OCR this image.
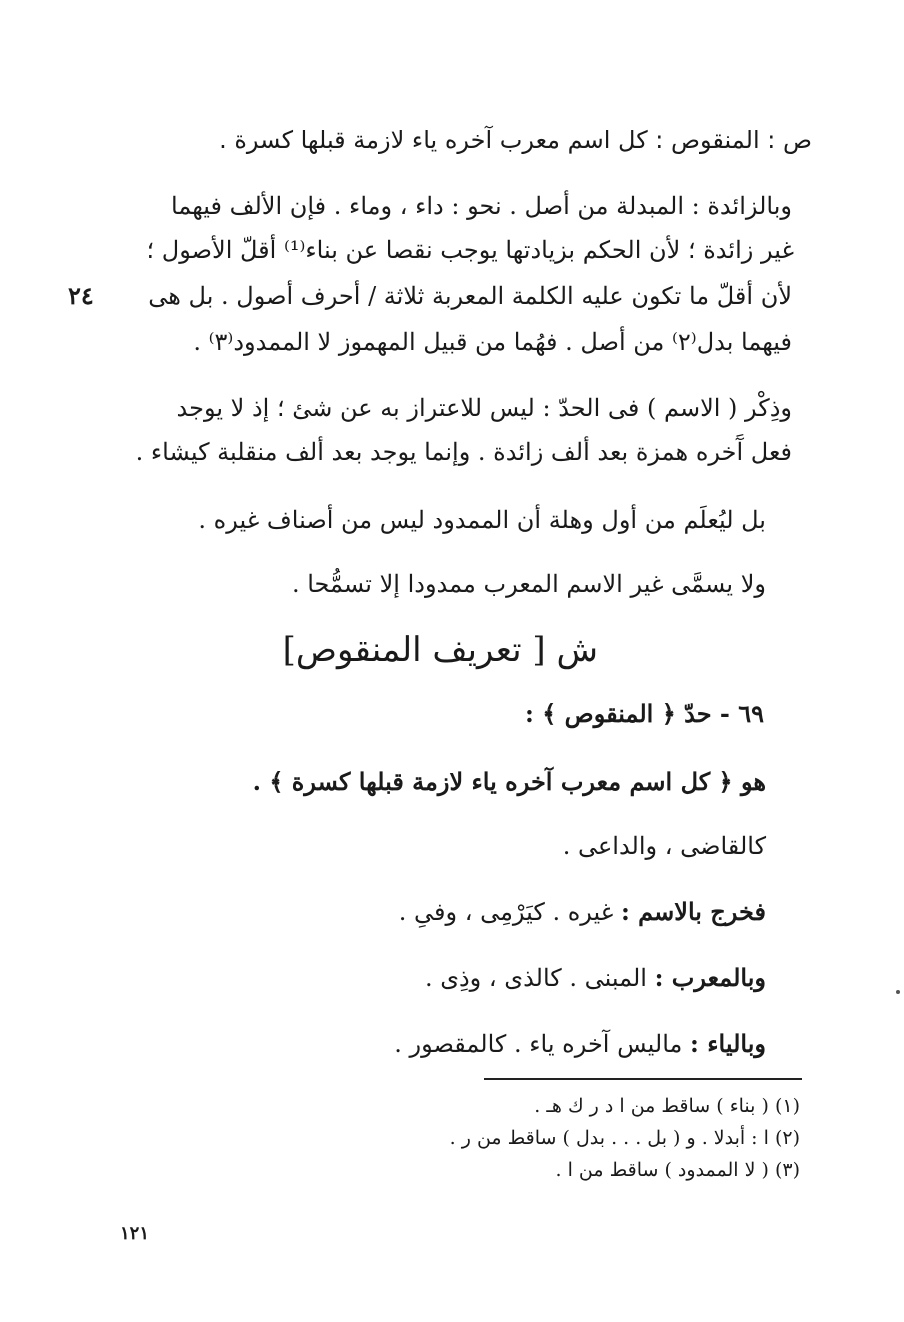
ص : المنقوص : كل اسم معرب آخره ياء لازمة قبلها كسرة .
وبالزائدة : المبدلة من أصل . نحو : داء ، وماء . فإن الألف فيهما
غير زائدة ؛ لأن الحكم بزيادتها يوجب نقصا عن بناء⁽¹⁾ أقلّ الأصول ؛
لأن أقلّ ما تكون عليه الكلمة المعربة ثلاثة / أحرف أصول . بل هى
٢٤
فيهما بدل⁽٢⁾ من أصل . فهُما من قبيل المهموز لا الممدود⁽٣⁾ .
وذِكْر ( الاسم ) فى الحدّ : ليس للاعتراز به عن شئ ؛ إذ لا يوجد
فعل آَخره همزة بعد ألف زائدة . وإنما يوجد بعد ألف منقلبة كيشاء .
بل ليُعلَم من أول وهلة أن الممدود ليس من أصناف غيره .
ولا يسمَّى غير الاسم المعرب ممدودا إلا تسمُّحا .
ش [ تعريف المنقوص]
٦٩ - حدّ ﴿ المنقوص ﴾ :
هو ﴿ كل اسم معرب آخره ياء لازمة قبلها كسرة ﴾ .
كالقاضى ، والداعى .
فخرج بالاسم : غيره . كيَرْمِى ، وفىِ .
وبالمعرب : المبنى . كالذى ، وذِى .
وبالياء : ماليس آخره ياء . كالمقصور .
(١) ( بناء ) ساقط من ا د ر ك هـ .
(٢) ا : أبدلا . و ( بل . . . بدل ) ساقط من ر .
(٣) ( لا الممدود ) ساقط من ا .
١٢١
